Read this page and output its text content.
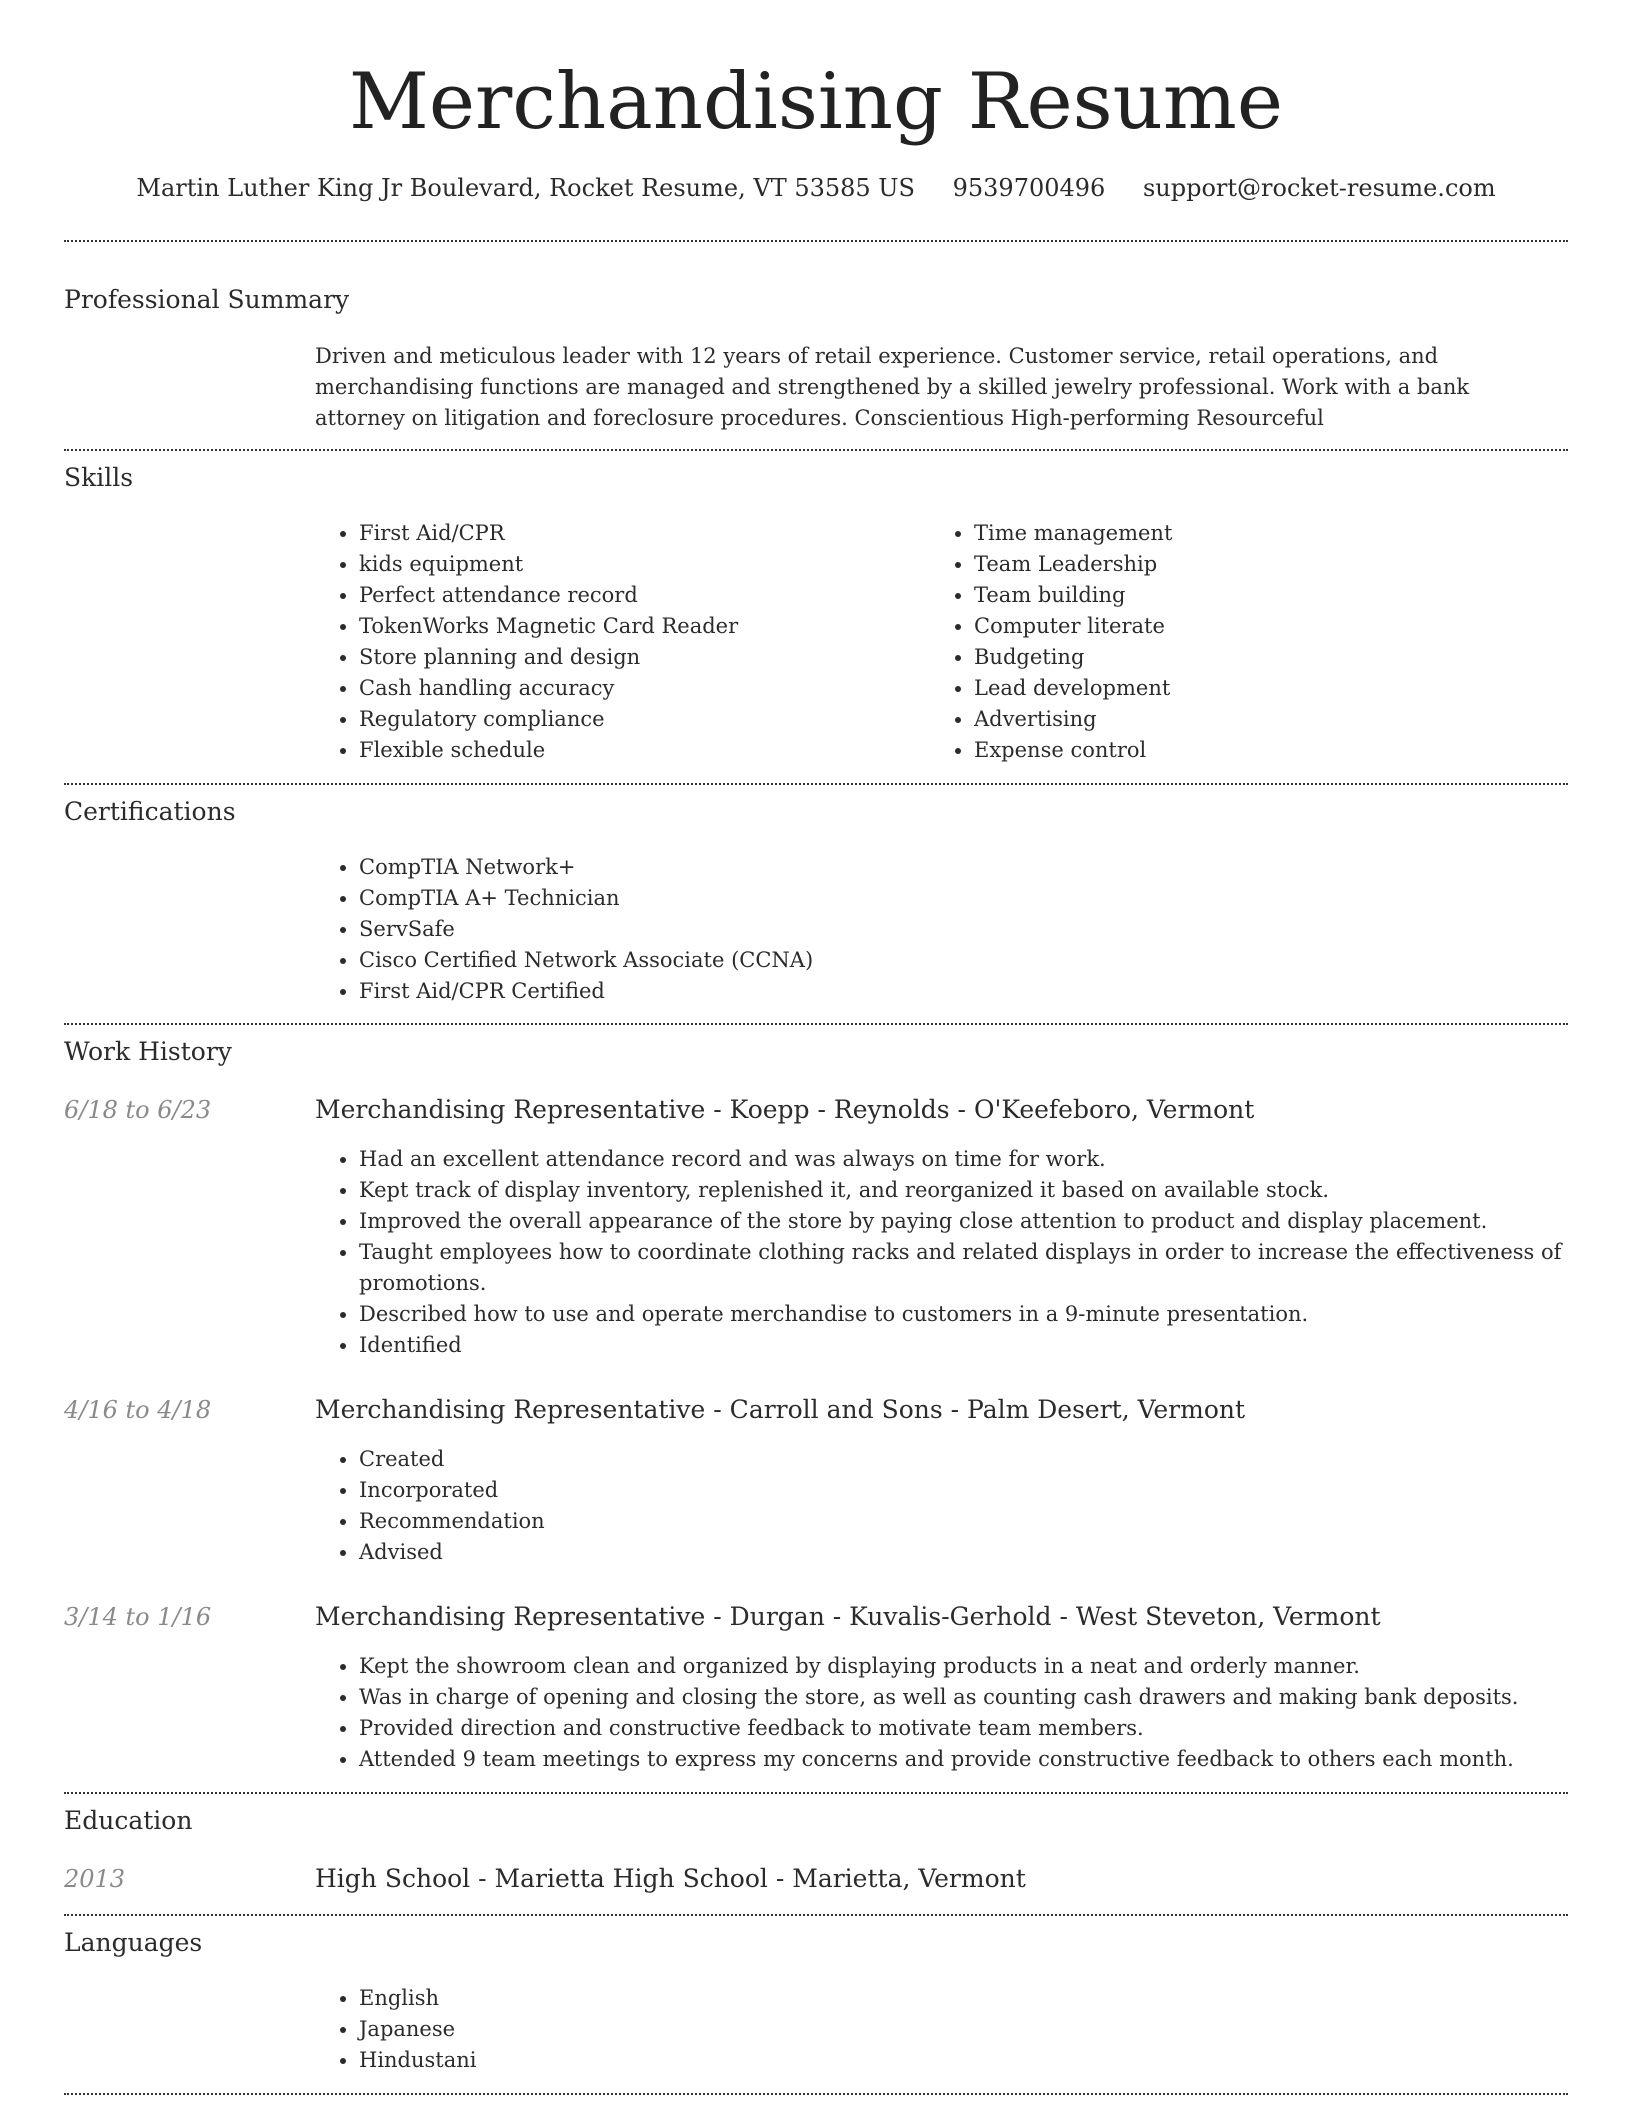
Merchandising Resume
Martin Luther King Jr Boulevard, Rocket Resume, VT 53585 US 9539700496 support@rocket-resume.com
Professional Summary
Driven and meticulous leader with 12 years of retail experience. Customer service, retail operations, and merchandising functions are managed and strengthened by a skilled jewelry professional. Work with a bank attorney on litigation and foreclosure procedures. Conscientious High-performing Resourceful
Skills
• First Aid/CPR
• kids equipment
• Perfect attendance record
• TokenWorks Magnetic Card Reader
• Store planning and design
• Cash handling accuracy
• Regulatory compliance
• Flexible schedule
• Time management
• Team Leadership
• Team building
• Computer literate
• Budgeting
• Lead development
• Advertising
• Expense control
Certifications
• CompTIA Network+
• CompTIA A+ Technician
• ServSafe
• Cisco Certified Network Associate (CCNA)
• First Aid/CPR Certified
Work History
6/18 to 6/23	Merchandising Representative - Koepp - Reynolds - O'Keefeboro, Vermont
• Had an excellent attendance record and was always on time for work.
• Kept track of display inventory, replenished it, and reorganized it based on available stock.
• Improved the overall appearance of the store by paying close attention to product and display placement.
• Taught employees how to coordinate clothing racks and related displays in order to increase the effectiveness of promotions.
• Described how to use and operate merchandise to customers in a 9-minute presentation.
• Identified
4/16 to 4/18	Merchandising Representative - Carroll and Sons - Palm Desert, Vermont
• Created
• Incorporated
• Recommendation
• Advised
3/14 to 1/16	Merchandising Representative - Durgan - Kuvalis-Gerhold - West Steveton, Vermont
• Kept the showroom clean and organized by displaying products in a neat and orderly manner.
• Was in charge of opening and closing the store, as well as counting cash drawers and making bank deposits.
• Provided direction and constructive feedback to motivate team members.
• Attended 9 team meetings to express my concerns and provide constructive feedback to others each month.
Education
2013	High School - Marietta High School - Marietta, Vermont
Languages
• English
• Japanese
• Hindustani
